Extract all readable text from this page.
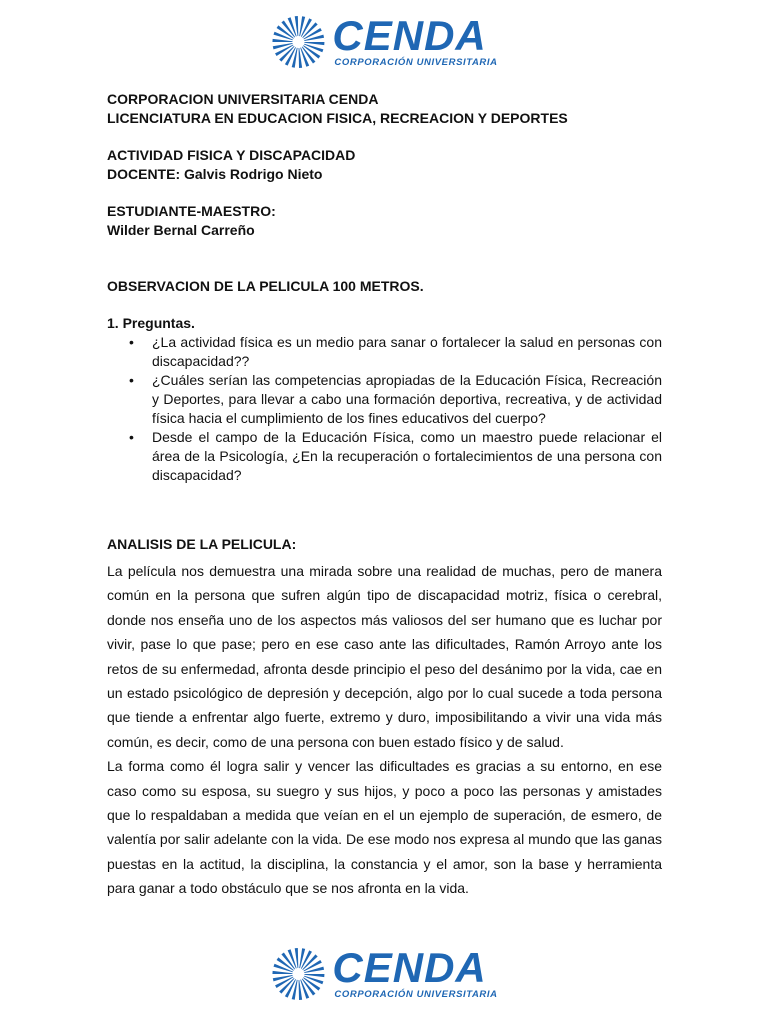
CENDA
CORPORACIÓN UNIVERSITARIA

CORPORACION UNIVERSITARIA CENDA

LICENCIATURA EN EDUCACION FISICA, RECREACION Y DEPORTES

ACTIVIDAD FISICA Y DISCAPACIDAD

DOCENTE: Galvis Rodrigo Nieto

ESTUDIANTE-MAESTRO:

Wilder Bernal Carreño

OBSERVACION DE LA PELICULA 100 METROS.

1. Preguntas.

• ¿La actividad física es un medio para sanar o fortalecer la salud en personas con discapacidad??
• ¿Cuáles serían las competencias apropiadas de la Educación Física, Recreación y Deportes, para llevar a cabo una formación deportiva, recreativa, y de actividad física hacia el cumplimiento de los fines educativos del cuerpo?
• Desde el campo de la Educación Física, como un maestro puede relacionar el área de la Psicología, ¿En la recuperación o fortalecimientos de una persona con discapacidad?

ANALISIS DE LA PELICULA:

La película nos demuestra una mirada sobre una realidad de muchas, pero de manera común en la persona que sufren algún tipo de discapacidad motriz, física o cerebral, donde nos enseña uno de los aspectos más valiosos del ser humano que es luchar por vivir, pase lo que pase; pero en ese caso ante las dificultades, Ramón Arroyo ante los retos de su enfermedad, afronta desde principio el peso del desánimo por la vida, cae en un estado psicológico de depresión y decepción, algo por lo cual sucede a toda persona que tiende a enfrentar algo fuerte, extremo y duro, imposibilitando a vivir una vida más común, es decir, como de una persona con buen estado físico y de salud.

La forma como él logra salir y vencer las dificultades es gracias a su entorno, en ese caso como su esposa, su suegro y sus hijos, y poco a poco las personas y amistades que lo respaldaban a medida que veían en el un ejemplo de superación, de esmero, de valentía por salir adelante con la vida. De ese modo nos expresa al mundo que las ganas puestas en la actitud, la disciplina, la constancia y el amor, son la base y herramienta para ganar a todo obstáculo que se nos afronta en la vida.

CENDA
CORPORACIÓN UNIVERSITARIA
